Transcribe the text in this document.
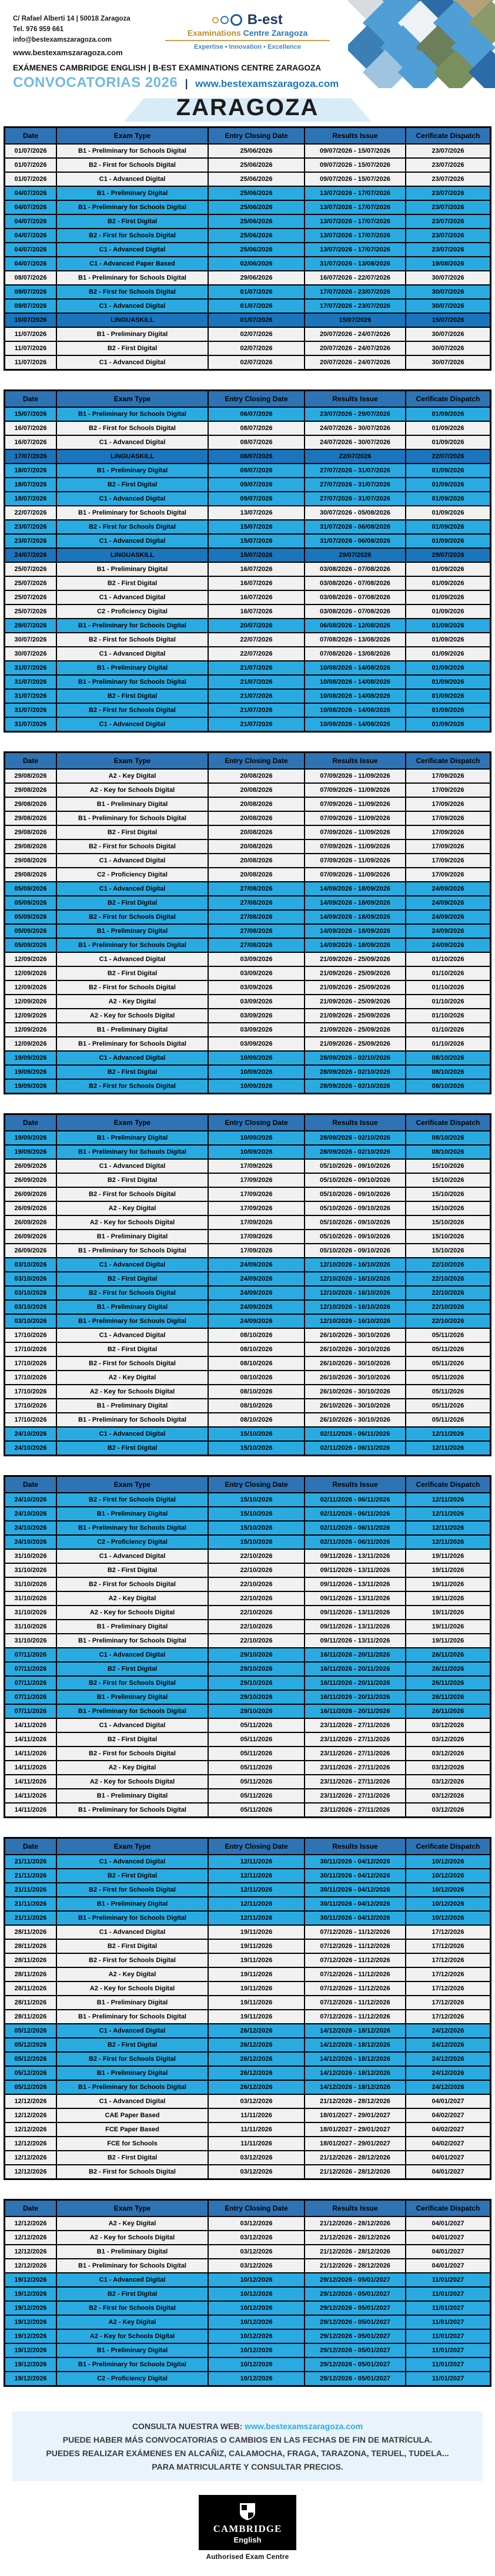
C/ Rafael Alberti 14 | 50018 Zaragoza
Tel. 976 959 661
info@bestexamszaragoza.com
www.bestexamszaragoza.com
B-est
Examinations Centre Zaragoza
Expertise • Innovation • Excellence
EXÁMENES CAMBRIDGE ENGLISH | B-EST EXAMINATIONS CENTRE ZARAGOZA
CONVOCATORIAS 2026 | www.bestexamszaragoza.com
ZARAGOZA
Date	Exam Type	Entry Closing Date	Results Issue	Cerificate Dispatch
01/07/2026	B1 - Preliminary for Schools Digital	25/06/2026	09/07/2026 - 15/07/2026	23/07/2026
01/07/2026	B2 - First for Schools Digital	25/06/2026	09/07/2026 - 15/07/2026	23/07/2026
01/07/2026	C1 - Advanced Digital	25/06/2026	09/07/2026 - 15/07/2026	23/07/2026
04/07/2026	B1 - Preliminary Digital	25/06/2026	13/07/2026 - 17/07/2026	23/07/2026
04/07/2026	B1 - Preliminary for Schools Digital	25/06/2026	13/07/2026 - 17/07/2026	23/07/2026
04/07/2026	B2 - First Digital	25/06/2026	13/07/2026 - 17/07/2026	23/07/2026
04/07/2026	B2 - First for Schools Digital	25/06/2026	13/07/2026 - 17/07/2026	23/07/2026
04/07/2026	C1 - Advanced Digital	25/06/2026	13/07/2026 - 17/07/2026	23/07/2026
04/07/2026	C1 - Advanced Paper Based	02/06/2026	31/07/2026 - 13/08/2026	19/08/2026
08/07/2026	B1 - Preliminary for Schools Digital	29/06/2026	16/07/2026 - 22/07/2026	30/07/2026
09/07/2026	B2 - First for Schools Digital	01/07/2026	17/07/2026 - 23/07/2026	30/07/2026
09/07/2026	C1 - Advanced Digital	01/07/2026	17/07/2026 - 23/07/2026	30/07/2026
10/07/2026	LINGUASKILL	01/07/2026	15/07/2026	15/07/2026
11/07/2026	B1 - Preliminary Digital	02/07/2026	20/07/2026 - 24/07/2026	30/07/2026
11/07/2026	B2 - First Digital	02/07/2026	20/07/2026 - 24/07/2026	30/07/2026
11/07/2026	C1 - Advanced Digital	02/07/2026	20/07/2026 - 24/07/2026	30/07/2026
Date	Exam Type	Entry Closing Date	Results Issue	Cerificate Dispatch
15/07/2026	B1 - Preliminary for Schools Digital	06/07/2026	23/07/2026 - 29/07/2026	01/09/2026
16/07/2026	B2 - First for Schools Digital	08/07/2026	24/07/2026 - 30/07/2026	01/09/2026
16/07/2026	C1 - Advanced Digital	08/07/2026	24/07/2026 - 30/07/2026	01/09/2026
17/07/2026	LINGUASKILL	08/07/2026	22/07/2026	22/07/2026
18/07/2026	B1 - Preliminary Digital	09/07/2026	27/07/2026 - 31/07/2026	01/09/2026
18/07/2026	B2 - First Digital	09/07/2026	27/07/2026 - 31/07/2026	01/09/2026
18/07/2026	C1 - Advanced Digital	09/07/2026	27/07/2026 - 31/07/2026	01/09/2026
22/07/2026	B1 - Preliminary for Schools Digital	13/07/2026	30/07/2026 - 05/08/2026	01/09/2026
23/07/2026	B2 - First for Schools Digital	15/07/2026	31/07/2026 - 06/08/2026	01/09/2026
23/07/2026	C1 - Advanced Digital	15/07/2026	31/07/2026 - 06/08/2026	01/09/2026
24/07/2026	LINGUASKILL	15/07/2026	29/07/2026	29/07/2026
25/07/2026	B1 - Preliminary Digital	16/07/2026	03/08/2026 - 07/08/2026	01/09/2026
25/07/2026	B2 - First Digital	16/07/2026	03/08/2026 - 07/08/2026	01/09/2026
25/07/2026	C1 - Advanced Digital	16/07/2026	03/08/2026 - 07/08/2026	01/09/2026
25/07/2026	C2 - Proficiency Digital	16/07/2026	03/08/2026 - 07/08/2026	01/09/2026
29/07/2026	B1 - Preliminary for Schools Digital	20/07/2026	06/08/2026 - 12/08/2026	01/09/2026
30/07/2026	B2 - First for Schools Digital	22/07/2026	07/08/2026 - 13/08/2026	01/09/2026
30/07/2026	C1 - Advanced Digital	22/07/2026	07/08/2026 - 13/08/2026	01/09/2026
31/07/2026	B1 - Preliminary Digital	21/07/2026	10/08/2026 - 14/08/2026	01/09/2026
31/07/2026	B1 - Preliminary for Schools Digital	21/07/2026	10/08/2026 - 14/08/2026	01/09/2026
31/07/2026	B2 - First Digital	21/07/2026	10/08/2026 - 14/08/2026	01/09/2026
31/07/2026	B2 - First for Schools Digital	21/07/2026	10/08/2026 - 14/08/2026	01/09/2026
31/07/2026	C1 - Advanced Digital	21/07/2026	10/08/2026 - 14/08/2026	01/09/2026
Date	Exam Type	Entry Closing Date	Results Issue	Cerificate Dispatch
29/08/2026	A2 - Key Digital	20/08/2026	07/09/2026 - 11/09/2026	17/09/2026
29/08/2026	A2 - Key for Schools Digital	20/08/2026	07/09/2026 - 11/09/2026	17/09/2026
29/08/2026	B1 - Preliminary Digital	20/08/2026	07/09/2026 - 11/09/2026	17/09/2026
29/08/2026	B1 - Preliminary for Schools Digital	20/08/2026	07/09/2026 - 11/09/2026	17/09/2026
29/08/2026	B2 - First Digital	20/08/2026	07/09/2026 - 11/09/2026	17/09/2026
29/08/2026	B2 - First for Schools Digital	20/08/2026	07/09/2026 - 11/09/2026	17/09/2026
29/08/2026	C1 - Advanced Digital	20/08/2026	07/09/2026 - 11/09/2026	17/09/2026
29/08/2026	C2 - Proficiency Digital	20/08/2026	07/09/2026 - 11/09/2026	17/09/2026
05/09/2026	C1 - Advanced Digital	27/08/2026	14/09/2026 - 18/09/2026	24/09/2026
05/09/2026	B2 - First Digital	27/08/2026	14/09/2026 - 18/09/2026	24/09/2026
05/09/2026	B2 - First for Schools Digital	27/08/2026	14/09/2026 - 18/09/2026	24/09/2026
05/09/2026	B1 - Preliminary Digital	27/08/2026	14/09/2026 - 18/09/2026	24/09/2026
05/09/2026	B1 - Preliminary for Schools Digital	27/08/2026	14/09/2026 - 18/09/2026	24/09/2026
12/09/2026	C1 - Advanced Digital	03/09/2026	21/09/2026 - 25/09/2026	01/10/2026
12/09/2026	B2 - First Digital	03/09/2026	21/09/2026 - 25/09/2026	01/10/2026
12/09/2026	B2 - First for Schools Digital	03/09/2026	21/09/2026 - 25/09/2026	01/10/2026
12/09/2026	A2 - Key Digital	03/09/2026	21/09/2026 - 25/09/2026	01/10/2026
12/09/2026	A2 - Key for Schools Digital	03/09/2026	21/09/2026 - 25/09/2026	01/10/2026
12/09/2026	B1 - Preliminary Digital	03/09/2026	21/09/2026 - 25/09/2026	01/10/2026
12/09/2026	B1 - Preliminary for Schools Digital	03/09/2026	21/09/2026 - 25/09/2026	01/10/2026
19/09/2026	C1 - Advanced Digital	10/09/2026	28/09/2026 - 02/10/2026	08/10/2026
19/09/2026	B2 - First Digital	10/09/2026	28/09/2026 - 02/10/2026	08/10/2026
19/09/2026	B2 - First for Schools Digital	10/09/2026	28/09/2026 - 02/10/2026	08/10/2026
Date	Exam Type	Entry Closing Date	Results Issue	Cerificate Dispatch
19/09/2026	B1 - Preliminary Digital	10/09/2026	28/09/2026 - 02/10/2026	08/10/2026
19/09/2026	B1 - Preliminary for Schools Digital	10/09/2026	28/09/2026 - 02/10/2026	08/10/2026
26/09/2026	C1 - Advanced Digital	17/09/2026	05/10/2026 - 09/10/2026	15/10/2026
26/09/2026	B2 - First Digital	17/09/2026	05/10/2026 - 09/10/2026	15/10/2026
26/09/2026	B2 - First for Schools Digital	17/09/2026	05/10/2026 - 09/10/2026	15/10/2026
26/09/2026	A2 - Key Digital	17/09/2026	05/10/2026 - 09/10/2026	15/10/2026
26/09/2026	A2 - Key for Schools Digital	17/09/2026	05/10/2026 - 09/10/2026	15/10/2026
26/09/2026	B1 - Preliminary Digital	17/09/2026	05/10/2026 - 09/10/2026	15/10/2026
26/09/2026	B1 - Preliminary for Schools Digital	17/09/2026	05/10/2026 - 09/10/2026	15/10/2026
03/10/2026	C1 - Advanced Digital	24/09/2026	12/10/2026 - 16/10/2026	22/10/2026
03/10/2026	B2 - First Digital	24/09/2026	12/10/2026 - 16/10/2026	22/10/2026
03/10/2026	B2 - First for Schools Digital	24/09/2026	12/10/2026 - 16/10/2026	22/10/2026
03/10/2026	B1 - Preliminary Digital	24/09/2026	12/10/2026 - 16/10/2026	22/10/2026
03/10/2026	B1 - Preliminary for Schools Digital	24/09/2026	12/10/2026 - 16/10/2026	22/10/2026
17/10/2026	C1 - Advanced Digital	08/10/2026	26/10/2026 - 30/10/2026	05/11/2026
17/10/2026	B2 - First Digital	08/10/2026	26/10/2026 - 30/10/2026	05/11/2026
17/10/2026	B2 - First for Schools Digital	08/10/2026	26/10/2026 - 30/10/2026	05/11/2026
17/10/2026	A2 - Key Digital	08/10/2026	26/10/2026 - 30/10/2026	05/11/2026
17/10/2026	A2 - Key for Schools Digital	08/10/2026	26/10/2026 - 30/10/2026	05/11/2026
17/10/2026	B1 - Preliminary Digital	08/10/2026	26/10/2026 - 30/10/2026	05/11/2026
17/10/2026	B1 - Preliminary for Schools Digital	08/10/2026	26/10/2026 - 30/10/2026	05/11/2026
24/10/2026	C1 - Advanced Digital	15/10/2026	02/11/2026 - 06/11/2026	12/11/2026
24/10/2026	B2 - First Digital	15/10/2026	02/11/2026 - 06/11/2026	12/11/2026
Date	Exam Type	Entry Closing Date	Results Issue	Cerificate Dispatch
24/10/2026	B2 - First for Schools Digital	15/10/2026	02/11/2026 - 06/11/2026	12/11/2026
24/10/2026	B1 - Preliminary Digital	15/10/2026	02/11/2026 - 06/11/2026	12/11/2026
24/10/2026	B1 - Preliminary for Schools Digital	15/10/2026	02/11/2026 - 06/11/2026	12/11/2026
24/10/2026	C2 - Proficiency Digital	15/10/2026	02/11/2026 - 06/11/2026	12/11/2026
31/10/2026	C1 - Advanced Digital	22/10/2026	09/11/2026 - 13/11/2026	19/11/2026
31/10/2026	B2 - First Digital	22/10/2026	09/11/2026 - 13/11/2026	19/11/2026
31/10/2026	B2 - First for Schools Digital	22/10/2026	09/11/2026 - 13/11/2026	19/11/2026
31/10/2026	A2 - Key Digital	22/10/2026	09/11/2026 - 13/11/2026	19/11/2026
31/10/2026	A2 - Key for Schools Digital	22/10/2026	09/11/2026 - 13/11/2026	19/11/2026
31/10/2026	B1 - Preliminary Digital	22/10/2026	09/11/2026 - 13/11/2026	19/11/2026
31/10/2026	B1 - Preliminary for Schools Digital	22/10/2026	09/11/2026 - 13/11/2026	19/11/2026
07/11/2026	C1 - Advanced Digital	29/10/2026	16/11/2026 - 20/11/2026	26/11/2026
07/11/2026	B2 - First Digital	29/10/2026	16/11/2026 - 20/11/2026	26/11/2026
07/11/2026	B2 - First for Schools Digital	29/10/2026	16/11/2026 - 20/11/2026	26/11/2026
07/11/2026	B1 - Preliminary Digital	29/10/2026	16/11/2026 - 20/11/2026	26/11/2026
07/11/2026	B1 - Preliminary for Schools Digital	29/10/2026	16/11/2026 - 20/11/2026	26/11/2026
14/11/2026	C1 - Advanced Digital	05/11/2026	23/11/2026 - 27/11/2026	03/12/2026
14/11/2026	B2 - First Digital	05/11/2026	23/11/2026 - 27/11/2026	03/12/2026
14/11/2026	B2 - First for Schools Digital	05/11/2026	23/11/2026 - 27/11/2026	03/12/2026
14/11/2026	A2 - Key Digital	05/11/2026	23/11/2026 - 27/11/2026	03/12/2026
14/11/2026	A2 - Key for Schools Digital	05/11/2026	23/11/2026 - 27/11/2026	03/12/2026
14/11/2026	B1 - Preliminary Digital	05/11/2026	23/11/2026 - 27/11/2026	03/12/2026
14/11/2026	B1 - Preliminary for Schools Digital	05/11/2026	23/11/2026 - 27/11/2026	03/12/2026
Date	Exam Type	Entry Closing Date	Results Issue	Cerificate Dispatch
21/11/2026	C1 - Advanced Digital	12/11/2026	30/11/2026 - 04/12/2026	10/12/2026
21/11/2026	B2 - First Digital	12/11/2026	30/11/2026 - 04/12/2026	10/12/2026
21/11/2026	B2 - First for Schools Digital	12/11/2026	30/11/2026 - 04/12/2026	10/12/2026
21/11/2026	B1 - Preliminary Digital	12/11/2026	30/11/2026 - 04/12/2026	10/12/2026
21/11/2026	B1 - Preliminary for Schools Digital	12/11/2026	30/11/2026 - 04/12/2026	10/12/2026
28/11/2026	C1 - Advanced Digital	19/11/2026	07/12/2026 - 11/12/2026	17/12/2026
28/11/2026	B2 - First Digital	19/11/2026	07/12/2026 - 11/12/2026	17/12/2026
28/11/2026	B2 - First for Schools Digital	19/11/2026	07/12/2026 - 11/12/2026	17/12/2026
28/11/2026	A2 - Key Digital	19/11/2026	07/12/2026 - 11/12/2026	17/12/2026
28/11/2026	A2 - Key for Schools Digital	19/11/2026	07/12/2026 - 11/12/2026	17/12/2026
28/11/2026	B1 - Preliminary Digital	19/11/2026	07/12/2026 - 11/12/2026	17/12/2026
28/11/2026	B1 - Preliminary for Schools Digital	19/11/2026	07/12/2026 - 11/12/2026	17/12/2026
05/12/2026	C1 - Advanced Digital	26/12/2026	14/12/2026 - 18/12/2026	24/12/2026
05/12/2026	B2 - First Digital	26/12/2026	14/12/2026 - 18/12/2026	24/12/2026
05/12/2026	B2 - First for Schools Digital	26/12/2026	14/12/2026 - 18/12/2026	24/12/2026
05/12/2026	B1 - Preliminary Digital	26/12/2026	14/12/2026 - 18/12/2026	24/12/2026
05/12/2026	B1 - Preliminary for Schools Digital	26/12/2026	14/12/2026 - 18/12/2026	24/12/2026
12/12/2026	C1 - Advanced Digital	03/12/2026	21/12/2026 - 28/12/2026	04/01/2027
12/12/2026	CAE Paper Based	11/11/2026	18/01/2027 - 29/01/2027	04/02/2027
12/12/2026	FCE Paper Based	11/11/2026	18/01/2027 - 29/01/2027	04/02/2027
12/12/2026	FCE for Schools	11/11/2026	18/01/2027 - 29/01/2027	04/02/2027
12/12/2026	B2 - First Digital	03/12/2026	21/12/2026 - 28/12/2026	04/01/2027
12/12/2026	B2 - First for Schools Digital	03/12/2026	21/12/2026 - 28/12/2026	04/01/2027
Date	Exam Type	Entry Closing Date	Results Issue	Cerificate Dispatch
12/12/2026	A2 - Key Digital	03/12/2026	21/12/2026 - 28/12/2026	04/01/2027
12/12/2026	A2 - Key for Schools Digital	03/12/2026	21/12/2026 - 28/12/2026	04/01/2027
12/12/2026	B1 - Preliminary Digital	03/12/2026	21/12/2026 - 28/12/2026	04/01/2027
12/12/2026	B1 - Preliminary for Schools Digital	03/12/2026	21/12/2026 - 28/12/2026	04/01/2027
19/12/2026	C1 - Advanced Digital	10/12/2026	29/12/2026 - 05/01/2027	11/01/2027
19/12/2026	B2 - First Digital	10/12/2026	29/12/2026 - 05/01/2027	11/01/2027
19/12/2026	B2 - First for Schools Digital	10/12/2026	29/12/2026 - 05/01/2027	11/01/2027
19/12/2026	A2 - Key Digital	10/12/2026	29/12/2026 - 05/01/2027	11/01/2027
19/12/2026	A2 - Key for Schools Digital	10/12/2026	29/12/2026 - 05/01/2027	11/01/2027
19/12/2026	B1 - Preliminary Digital	10/12/2026	29/12/2026 - 05/01/2027	11/01/2027
19/12/2026	B1 - Preliminary for Schools Digital	10/12/2026	29/12/2026 - 05/01/2027	11/01/2027
19/12/2026	C2 - Proficiency Digital	10/12/2026	29/12/2026 - 05/01/2027	11/01/2027
CONSULTA NUESTRA WEB: www.bestexamszaragoza.com
PUEDE HABER MÁS CONVOCATORIAS O CAMBIOS EN LAS FECHAS DE FIN DE MATRÍCULA.
PUEDES REALIZAR EXÁMENES EN ALCAÑIZ, CALAMOCHA, FRAGA, TARAZONA, TERUEL, TUDELA...
PARA MATRICULARTE Y CONSULTAR PRECIOS.
CAMBRIDGE
English
Authorised Exam Centre
